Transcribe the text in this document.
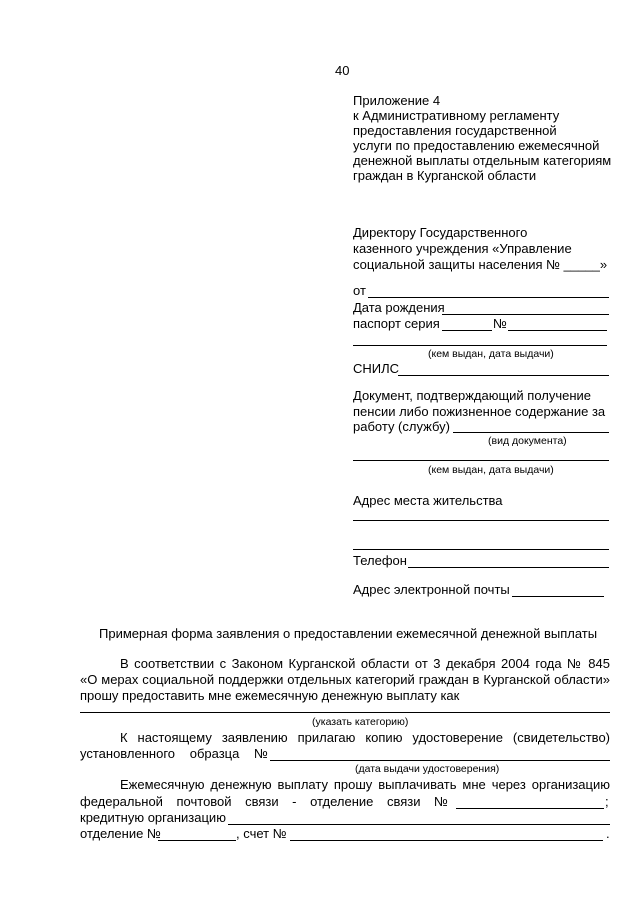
40
Приложение 4
к Административному регламенту
предоставления государственной
услуги по предоставлению ежемесячной
денежной выплаты отдельным категориям
граждан в Курганской области
Директору Государственного
казенного учреждения «Управление
социальной защиты населения № _____»
от
Дата рождения
паспорт серия	№
(кем выдан, дата выдачи)
СНИЛС
Документ, подтверждающий получение
пенсии либо пожизненное содержание за
работу (службу)
(вид документа)
(кем выдан, дата выдачи)
Адрес места жительства
Телефон
Адрес электронной почты
Примерная форма заявления о предоставлении ежемесячной денежной выплаты
В соответствии с Законом Курганской области от 3 декабря 2004 года № 845
«О мерах социальной поддержки отдельных категорий граждан в Курганской области»
прошу предоставить мне ежемесячную денежную выплату как
(указать категорию)
К настоящему заявлению прилагаю копию удостоверение (свидетельство)
установленного образца №
(дата выдачи удостоверения)
Ежемесячную денежную выплату прошу выплачивать мне через организацию
федеральной почтовой связи - отделение связи №	;
кредитную организацию
отделение №	, счет №	.
